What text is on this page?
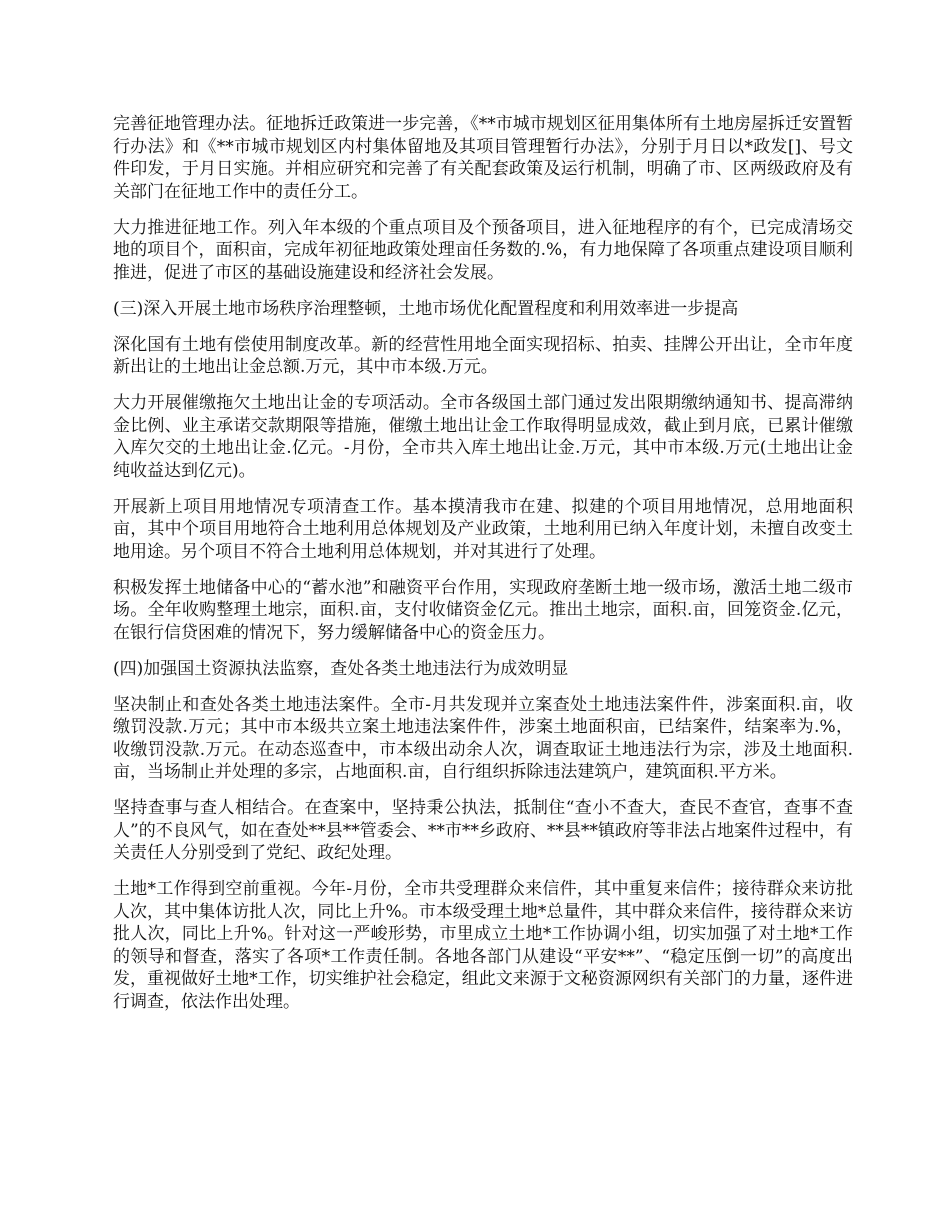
完善征地管理办法。征地拆迁政策进一步完善，《**市城市规划区征用集体所有土地房屋拆迁安置暂行办法》和《**市城市规划区内村集体留地及其项目管理暂行办法》，分别于月日以*政发[]、号文件印发，于月日实施。并相应研究和完善了有关配套政策及运行机制，明确了市、区两级政府及有关部门在征地工作中的责任分工。

大力推进征地工作。列入年本级的个重点项目及个预备项目，进入征地程序的有个，已完成清场交地的项目个，面积亩，完成年初征地政策处理亩任务数的.%，有力地保障了各项重点建设项目顺利推进，促进了市区的基础设施建设和经济社会发展。

(三)深入开展土地市场秩序治理整顿，土地市场优化配置程度和利用效率进一步提高

深化国有土地有偿使用制度改革。新的经营性用地全面实现招标、拍卖、挂牌公开出让，全市年度新出让的土地出让金总额.万元，其中市本级.万元。

大力开展催缴拖欠土地出让金的专项活动。全市各级国土部门通过发出限期缴纳通知书、提高滞纳金比例、业主承诺交款期限等措施，催缴土地出让金工作取得明显成效，截止到月底，已累计催缴入库欠交的土地出让金.亿元。-月份，全市共入库土地出让金.万元，其中市本级.万元(土地出让金纯收益达到亿元)。

开展新上项目用地情况专项清查工作。基本摸清我市在建、拟建的个项目用地情况，总用地面积亩，其中个项目用地符合土地利用总体规划及产业政策，土地利用已纳入年度计划，未擅自改变土地用途。另个项目不符合土地利用总体规划，并对其进行了处理。

积极发挥土地储备中心的“蓄水池”和融资平台作用，实现政府垄断土地一级市场，激活土地二级市场。全年收购整理土地宗，面积.亩，支付收储资金亿元。推出土地宗，面积.亩，回笼资金.亿元，在银行信贷困难的情况下，努力缓解储备中心的资金压力。

(四)加强国土资源执法监察，查处各类土地违法行为成效明显

坚决制止和查处各类土地违法案件。全市-月共发现并立案查处土地违法案件件，涉案面积.亩，收缴罚没款.万元；其中市本级共立案土地违法案件件，涉案土地面积亩，已结案件，结案率为.%，收缴罚没款.万元。在动态巡查中，市本级出动余人次，调查取证土地违法行为宗，涉及土地面积.亩，当场制止并处理的多宗，占地面积.亩，自行组织拆除违法建筑户，建筑面积.平方米。

坚持查事与查人相结合。在查案中，坚持秉公执法，抵制住“查小不查大，查民不查官，查事不查人”的不良风气，如在查处**县**管委会、**市**乡政府、**县**镇政府等非法占地案件过程中，有关责任人分别受到了党纪、政纪处理。

土地*工作得到空前重视。今年-月份，全市共受理群众来信件，其中重复来信件；接待群众来访批人次，其中集体访批人次，同比上升%。市本级受理土地*总量件，其中群众来信件，接待群众来访批人次，同比上升%。针对这一严峻形势，市里成立土地*工作协调小组，切实加强了对土地*工作的领导和督查，落实了各项*工作责任制。各地各部门从建设“平安**”、“稳定压倒一切”的高度出发，重视做好土地*工作，切实维护社会稳定，组此文来源于文秘资源网织有关部门的力量，逐件进行调查，依法作出处理。
